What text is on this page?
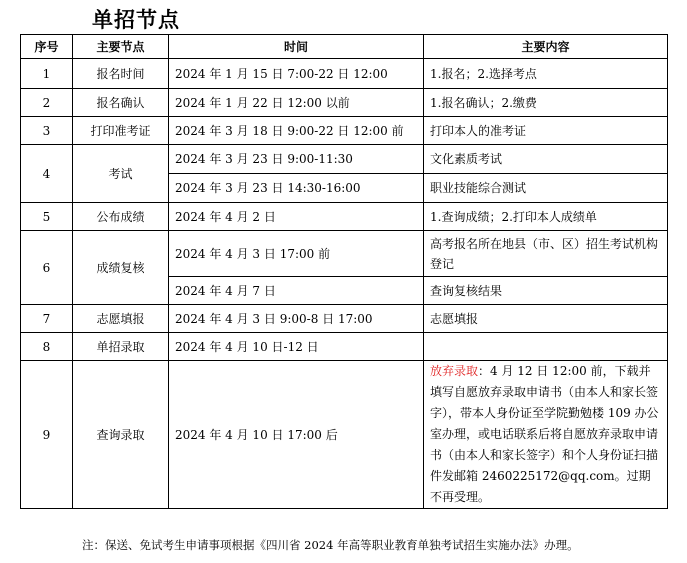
单招节点
序号	主要节点	时间	主要内容
1	报名时间	2024 年 1 月 15 日 7:00-22 日 12:00	1.报名；2.选择考点
2	报名确认	2024 年 1 月 22 日 12:00 以前	1.报名确认；2.缴费
3	打印准考证	2024 年 3 月 18 日 9:00-22 日 12:00 前	打印本人的准考证
4	考试	2024 年 3 月 23 日 9:00-11:30	文化素质考试
		2024 年 3 月 23 日 14:30-16:00	职业技能综合测试
5	公布成绩	2024 年 4 月 2 日	1.查询成绩；2.打印本人成绩单
6	成绩复核	2024 年 4 月 3 日 17:00 前	高考报名所在地县（市、区）招生考试机构登记
		2024 年 4 月 7 日	查询复核结果
7	志愿填报	2024 年 4 月 3 日 9:00-8 日 17:00	志愿填报
8	单招录取	2024 年 4 月 10 日-12 日	
9	查询录取	2024 年 4 月 10 日 17:00 后	放弃录取：4 月 12 日 12:00 前，下载并填写自愿放弃录取申请书（由本人和家长签字），带本人身份证至学院勤勉楼 109 办公室办理，或电话联系后将自愿放弃录取申请书（由本人和家长签字）和个人身份证扫描件发邮箱 2460225172@qq.com。过期不再受理。
注：保送、免试考生申请事项根据《四川省 2024 年高等职业教育单独考试招生实施办法》办理。
